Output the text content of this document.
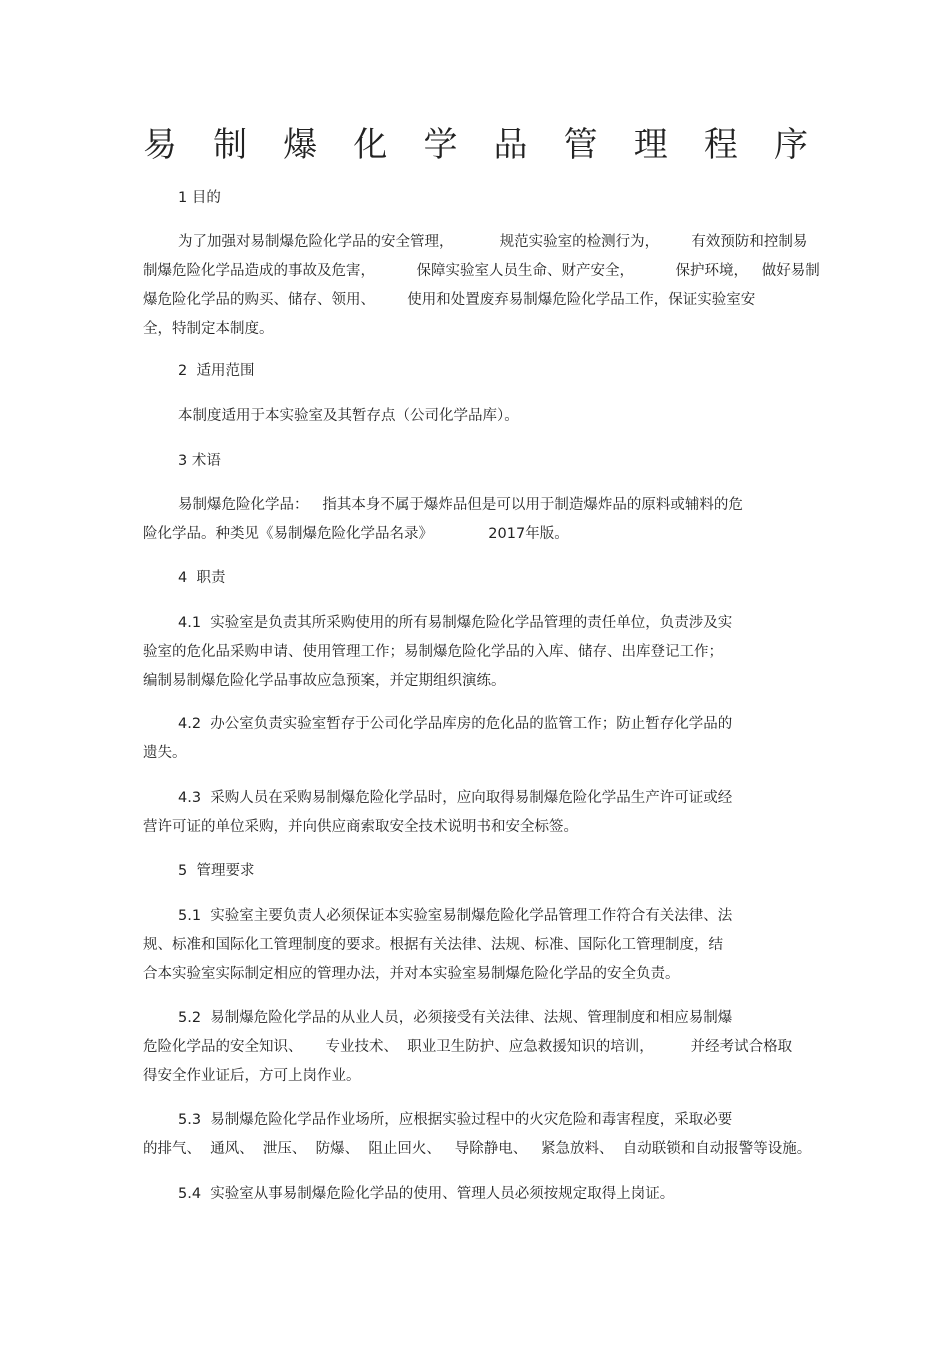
易 制 爆 化 学 品 管 理 程 序
1 目的
为了加强对易制爆危险化学品的安全管理，          规范实验室的检测行为，       有效预防和控制易
制爆危险化学品造成的事故及危害，         保障实验室人员生命、财产安全，         保护环境，   做好易制
爆危险化学品的购买、储存、领用、       使用和处置废弃易制爆危险化学品工作，保证实验室安
全，特制定本制度。
2  适用范围
本制度适用于本实验室及其暂存点（公司化学品库）。
3 术语
易制爆危险化学品：   指其本身不属于爆炸品但是可以用于制造爆炸品的原料或辅料的危
险化学品。种类见《易制爆危险化学品名录》            2017年版。
4  职责
4.1  实验室是负责其所采购使用的所有易制爆危险化学品管理的责任单位，负责涉及实
验室的危化品采购申请、使用管理工作；易制爆危险化学品的入库、储存、出库登记工作；
编制易制爆危险化学品事故应急预案，并定期组织演练。
4.2  办公室负责实验室暂存于公司化学品库房的危化品的监管工作；防止暂存化学品的
遗失。
4.3  采购人员在采购易制爆危险化学品时，应向取得易制爆危险化学品生产许可证或经
营许可证的单位采购，并向供应商索取安全技术说明书和安全标签。
5  管理要求
5.1  实验室主要负责人必须保证本实验室易制爆危险化学品管理工作符合有关法律、法
规、标准和国际化工管理制度的要求。根据有关法律、法规、标准、国际化工管理制度，结
合本实验室实际制定相应的管理办法，并对本实验室易制爆危险化学品的安全负责。
5.2  易制爆危险化学品的从业人员，必须接受有关法律、法规、管理制度和相应易制爆
危险化学品的安全知识、     专业技术、  职业卫生防护、应急救援知识的培训，        并经考试合格取
得安全作业证后，方可上岗作业。
5.3  易制爆危险化学品作业场所，应根据实验过程中的火灾危险和毒害程度，采取必要
的排气、  通风、  泄压、  防爆、  阻止回火、   导除静电、   紧急放料、  自动联锁和自动报警等设施。
5.4  实验室从事易制爆危险化学品的使用、管理人员必须按规定取得上岗证。
